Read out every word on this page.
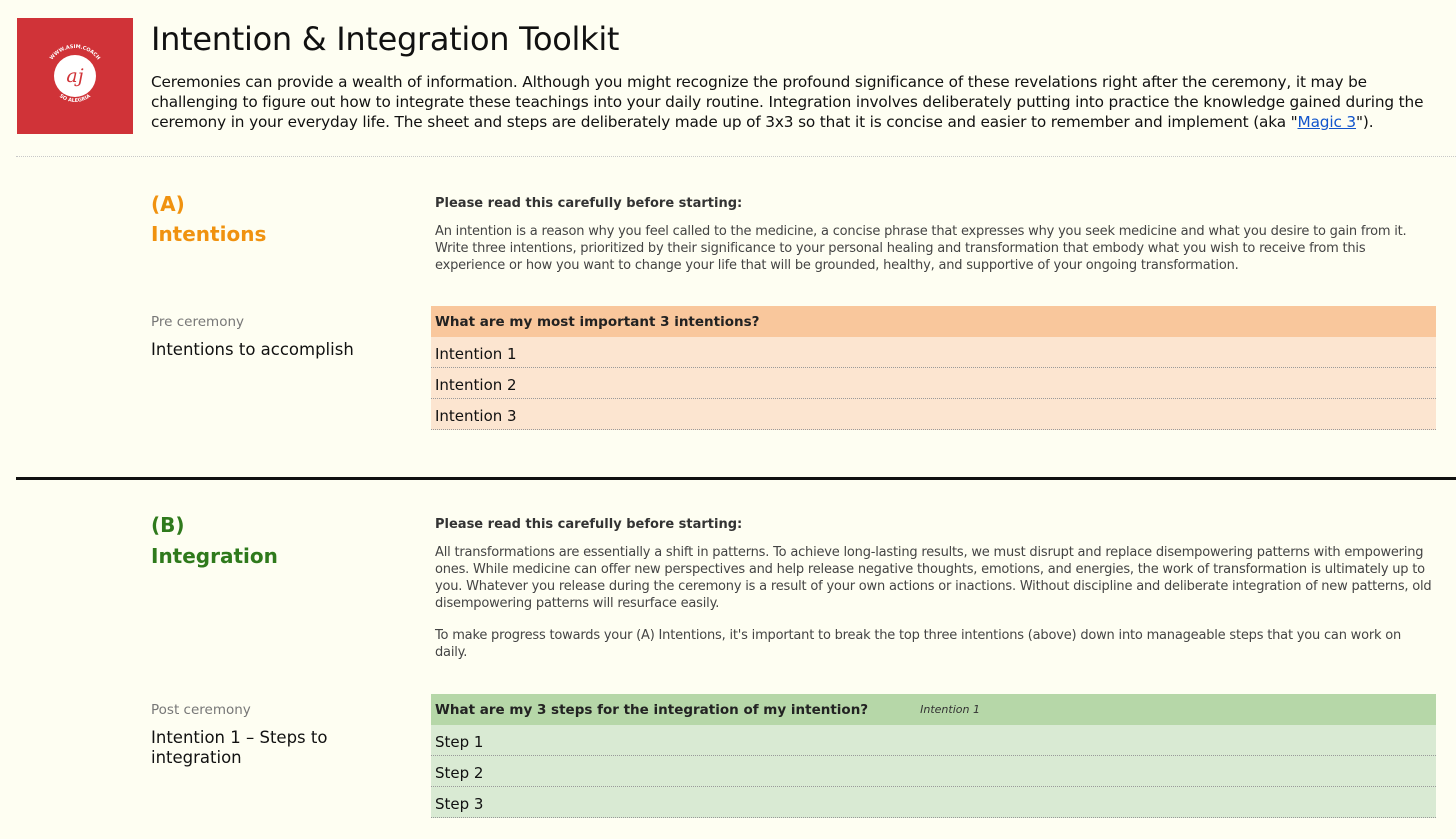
WWW.ASIM.COACH
SO ALEGRIA
aj
Intention & Integration Toolkit

Ceremonies can provide a wealth of information. Although you might recognize the profound significance of these revelations right after the ceremony, it may be challenging to figure out how to integrate these teachings into your daily routine. Integration involves deliberately putting into practice the knowledge gained during the ceremony in your everyday life. The sheet and steps are deliberately made up of 3x3 so that it is concise and easier to remember and implement (aka "Magic 3").

(A)
Intentions
Please read this carefully before starting:
An intention is a reason why you feel called to the medicine, a concise phrase that expresses why you seek medicine and what you desire to gain from it. Write three intentions, prioritized by their significance to your personal healing and transformation that embody what you wish to receive from this experience or how you want to change your life that will be grounded, healthy, and supportive of your ongoing transformation.
Pre ceremony
Intentions to accomplish
What are my most important 3 intentions?
Intention 1
Intention 2
Intention 3
(B)
Integration
Please read this carefully before starting:
All transformations are essentially a shift in patterns. To achieve long-lasting results, we must disrupt and replace disempowering patterns with empowering ones. While medicine can offer new perspectives and help release negative thoughts, emotions, and energies, the work of transformation is ultimately up to you. Whatever you release during the ceremony is a result of your own actions or inactions. Without discipline and deliberate integration of new patterns, old disempowering patterns will resurface easily.
To make progress towards your (A) Intentions, it's important to break the top three intentions (above) down into manageable steps that you can work on daily.
Post ceremony
Intention 1 – Steps to integration
What are my 3 steps for the integration of my intention?	Intention 1
Step 1
Step 2
Step 3
